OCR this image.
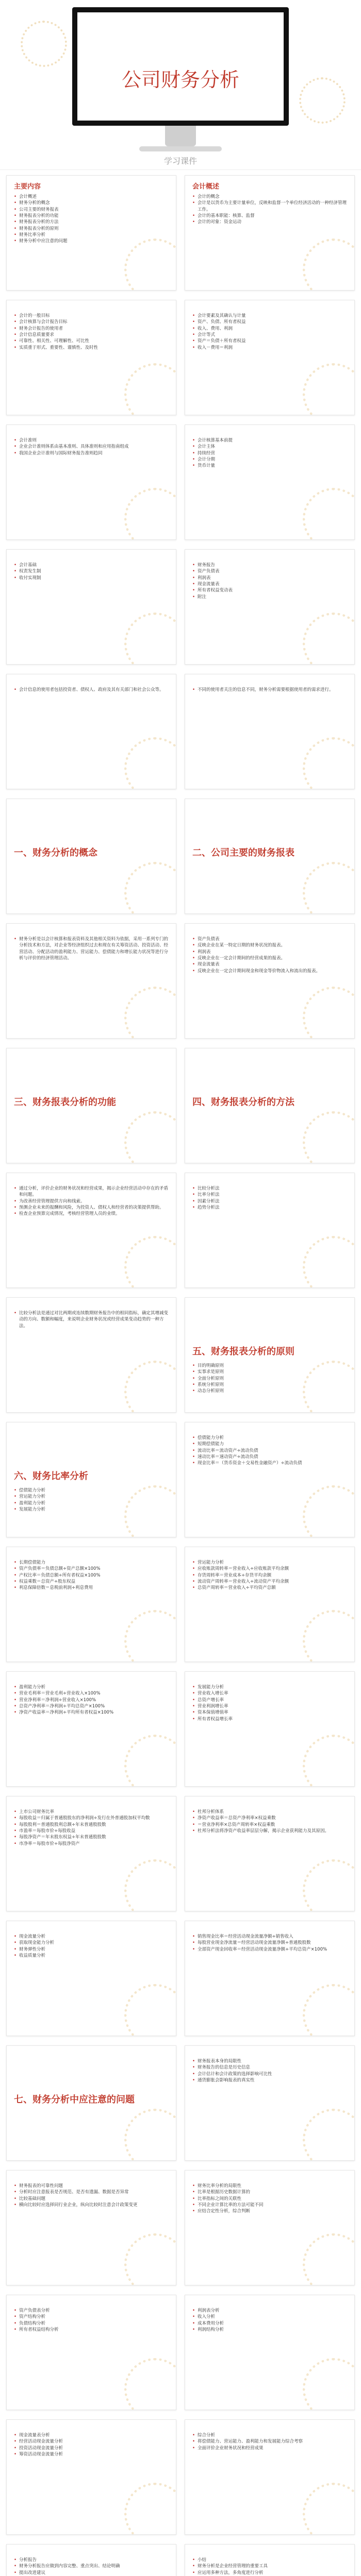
公司财务分析
学习课件
主要内容
• 会计概述
• 财务分析的概念
• 公司主要的财务报表
• 财务报表分析的功能
• 财务报表分析的方法
• 财务报表分析的原则
• 财务比率分析
• 财务分析中应注意的问题
会计概述
• 会计的概念
• 会计是以货币为主要计量单位，反映和监督一个单位经济活动的一种经济管理工作。
• 会计的基本职能：核算、监督
• 会计的对象：资金运动
• 会计的一般目标
• 会计核算与会计报告目标
• 财务会计报告的使用者
• 会计信息质量要求
• 可靠性、相关性、可理解性、可比性
• 实质重于形式、重要性、谨慎性、及时性
• 会计要素及其确认与计量
• 资产、负债、所有者权益
• 收入、费用、利润
• 会计等式
• 资产＝负债＋所有者权益
• 收入－费用＝利润
• 会计准则
• 企业会计准则体系由基本准则、具体准则和应用指南组成
• 我国企业会计准则与国际财务报告准则趋同
• 会计核算基本前提
• 会计主体
• 持续经营
• 会计分期
• 货币计量
• 会计基础
• 权责发生制
• 收付实现制
• 财务报告
• 资产负债表
• 利润表
• 现金流量表
• 所有者权益变动表
• 附注
• 会计信息的使用者包括投资者、债权人、政府及其有关部门和社会公众等。
•	不同的使用者关注的信息不同，财务分析需要根据使用者的需求进行。
一、财务分析的概念	二、公司主要的财务报表
• 财务分析是以会计核算和报表资料及其他相关资料为依据，采用一系列专门的分析技术和方法，对企业等经济组织过去和现在有关筹资活动、投资活动、经营活动、分配活动的盈利能力、营运能力、偿债能力和增长能力状况等进行分析与评价的经济管理活动。
• 资产负债表
• 反映企业在某一特定日期的财务状况的报表。
• 利润表
• 反映企业在一定会计期间的经营成果的报表。
• 现金流量表
• 反映企业在一定会计期间现金和现金等价物流入和流出的报表。
三、财务报表分析的功能	四、财务报表分析的方法
• 通过分析，评价企业的财务状况和经营成果，揭示企业经营活动中存在的矛盾和问题。
• 为改善经营管理提供方向和线索。
• 预测企业未来的报酬和风险，为投资人、债权人和经营者的决策提供帮助。
• 检查企业预算完成情况，考核经营管理人员的业绩。
• 比较分析法
• 比率分析法
• 因素分析法
• 趋势分析法
• 比较分析法是通过对比两期或连续数期财务报告中的相同指标，确定其增减变动的方向、数额和幅度，来说明企业财务状况或经营成果变动趋势的一种方法。
五、财务报表分析的原则
• 目的明确原则
• 实事求是原则
• 全面分析原则
• 系统分析原则
• 动态分析原则
六、财务比率分析
• 偿债能力分析
• 营运能力分析
• 盈利能力分析
• 发展能力分析
• 偿债能力分析
• 短期偿债能力
• 流动比率＝流动资产÷流动负债
• 速动比率＝速动资产÷流动负债
• 现金比率＝（货币资金＋交易性金融资产）÷流动负债
• 长期偿债能力
• 资产负债率＝负债总额÷资产总额×100%
• 产权比率＝负债总额÷所有者权益×100%
• 权益乘数＝总资产÷股东权益
• 利息保障倍数＝息税前利润÷利息费用
• 营运能力分析
• 应收账款周转率＝营业收入÷应收账款平均余额
• 存货周转率＝营业成本÷存货平均余额
• 流动资产周转率＝营业收入÷流动资产平均余额
• 总资产周转率＝营业收入÷平均资产总额
• 盈利能力分析
• 营业毛利率＝营业毛利÷营业收入×100%
• 营业净利率＝净利润÷营业收入×100%
• 总资产净利率＝净利润÷平均总资产×100%
• 净资产收益率＝净利润÷平均所有者权益×100%
• 发展能力分析
• 营业收入增长率
• 总资产增长率
• 营业利润增长率
• 资本保值增值率
• 所有者权益增长率
• 上市公司财务比率
• 每股收益＝归属于普通股股东的净利润÷发行在外普通股加权平均数
• 每股股利＝普通股股利总额÷年末普通股股数
• 市盈率＝每股市价÷每股收益
• 每股净资产＝年末股东权益÷年末普通股股数
• 市净率＝每股市价÷每股净资产
• 杜邦分析体系
• 净资产收益率＝总资产净利率×权益乘数
• ＝营业净利率×总资产周转率×权益乘数
• 杜邦分析法将净资产收益率层层分解，揭示企业获利能力及其原因。
• 现金流量分析
• 获取现金能力分析
• 财务弹性分析
• 收益质量分析
• 销售现金比率＝经营活动现金流量净额÷销售收入
• 每股营业现金净流量＝经营活动现金流量净额÷普通股股数
• 全部资产现金回收率＝经营活动现金流量净额÷平均总资产×100%
七、财务分析中应注意的问题
• 财务报表本身的局限性
• 财务报告的信息是历史信息
• 会计估计和会计政策的选择影响可比性
• 通货膨胀会影响报表的真实性
• 财务报表的可靠性问题
• 分析时应注意报表是否规范、是否有遗漏、数据是否异常
• 比较基础问题
• 横向比较时应选择同行业企业，纵向比较时注意会计政策变更
• 财务比率分析的局限性
• 比率是根据历史数据计算的
• 比率指标之间的关联性
• 不同企业计算比率的方法可能不同
• 应结合定性分析，综合判断
• 资产负债表分析
• 资产结构分析
• 负债结构分析
• 所有者权益结构分析
• 利润表分析
• 收入分析
• 成本费用分析
• 利润结构分析
• 现金流量表分析
• 经营活动现金流量分析
• 投资活动现金流量分析
• 筹资活动现金流量分析
• 综合分析
• 将偿债能力、营运能力、盈利能力和发展能力综合考察
• 全面评价企业财务状况和经营成果
• 分析报告
• 财务分析报告应做到内容完整、重点突出、结论明确
• 提出改进建议
• 小结
• 财务分析是企业经营管理的重要工具
• 应运用多种方法，多角度进行分析
•
